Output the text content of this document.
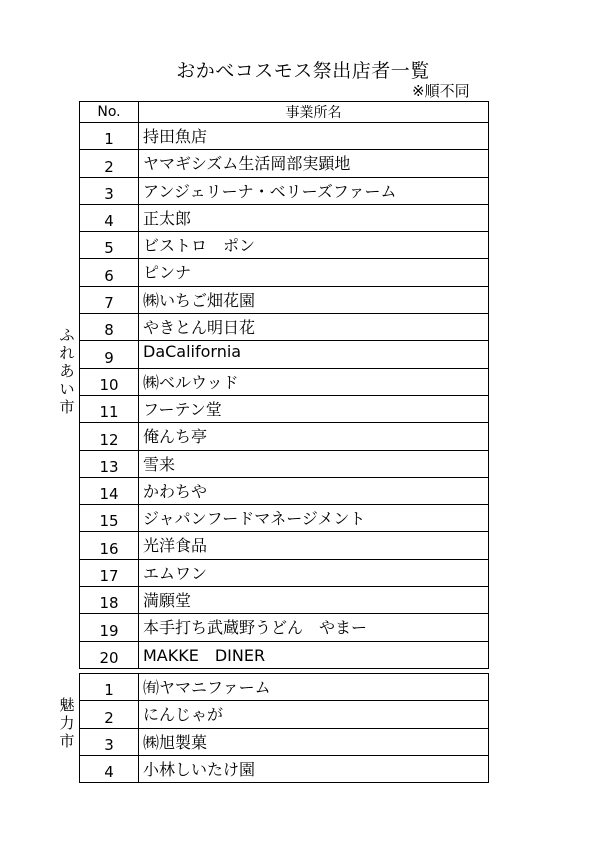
おかべコスモス祭出店者一覧
※順不同
No.	事業所名
1	持田魚店
2	ヤマギシズム生活岡部実顕地
3	アンジェリーナ・ベリーズファーム
4	正太郎
5	ビストロ　ポン
6	ピンナ
7	㈱いちご畑花園
8	やきとん明日花
9	DaCalifornia
10	㈱ベルウッド
11	フーテン堂
12	俺んち亭
13	雪来
14	かわちや
15	ジャパンフードマネージメント
16	光洋食品
17	エムワン
18	満願堂
19	本手打ち武蔵野うどん　やまー
20	MAKKE　DINER
ふれあい市
1	㈲ヤマニファーム
2	にんじゃが
3	㈱旭製菓
4	小林しいたけ園
魅力市
